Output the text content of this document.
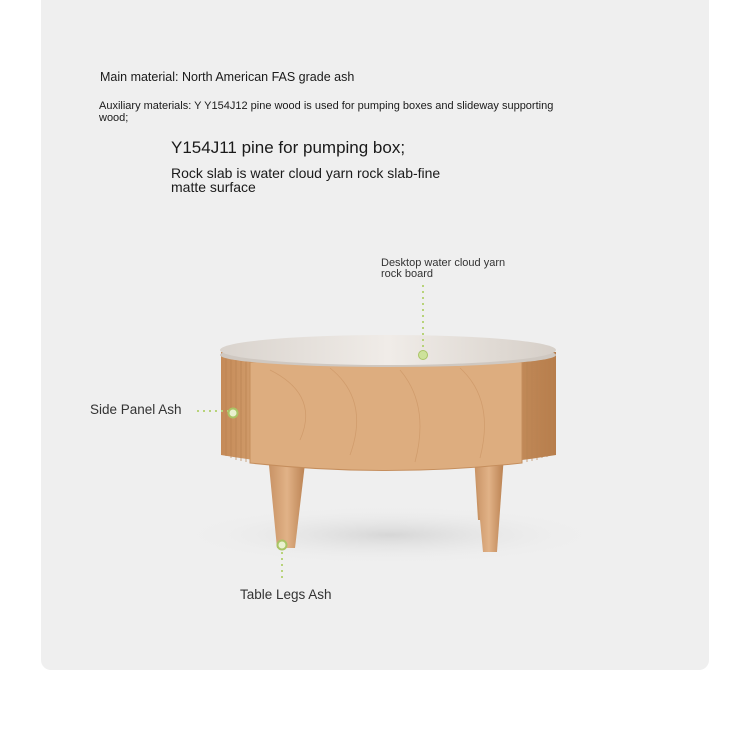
Main material: North American FAS grade ash

Auxiliary materials: Y Y154J12 pine wood is used for pumping boxes and slideway supporting wood;

Y154J11 pine for pumping box;

Rock slab is water cloud yarn rock slab-fine matte surface

Desktop water cloud yarn rock board
Side Panel Ash
Table Legs Ash
